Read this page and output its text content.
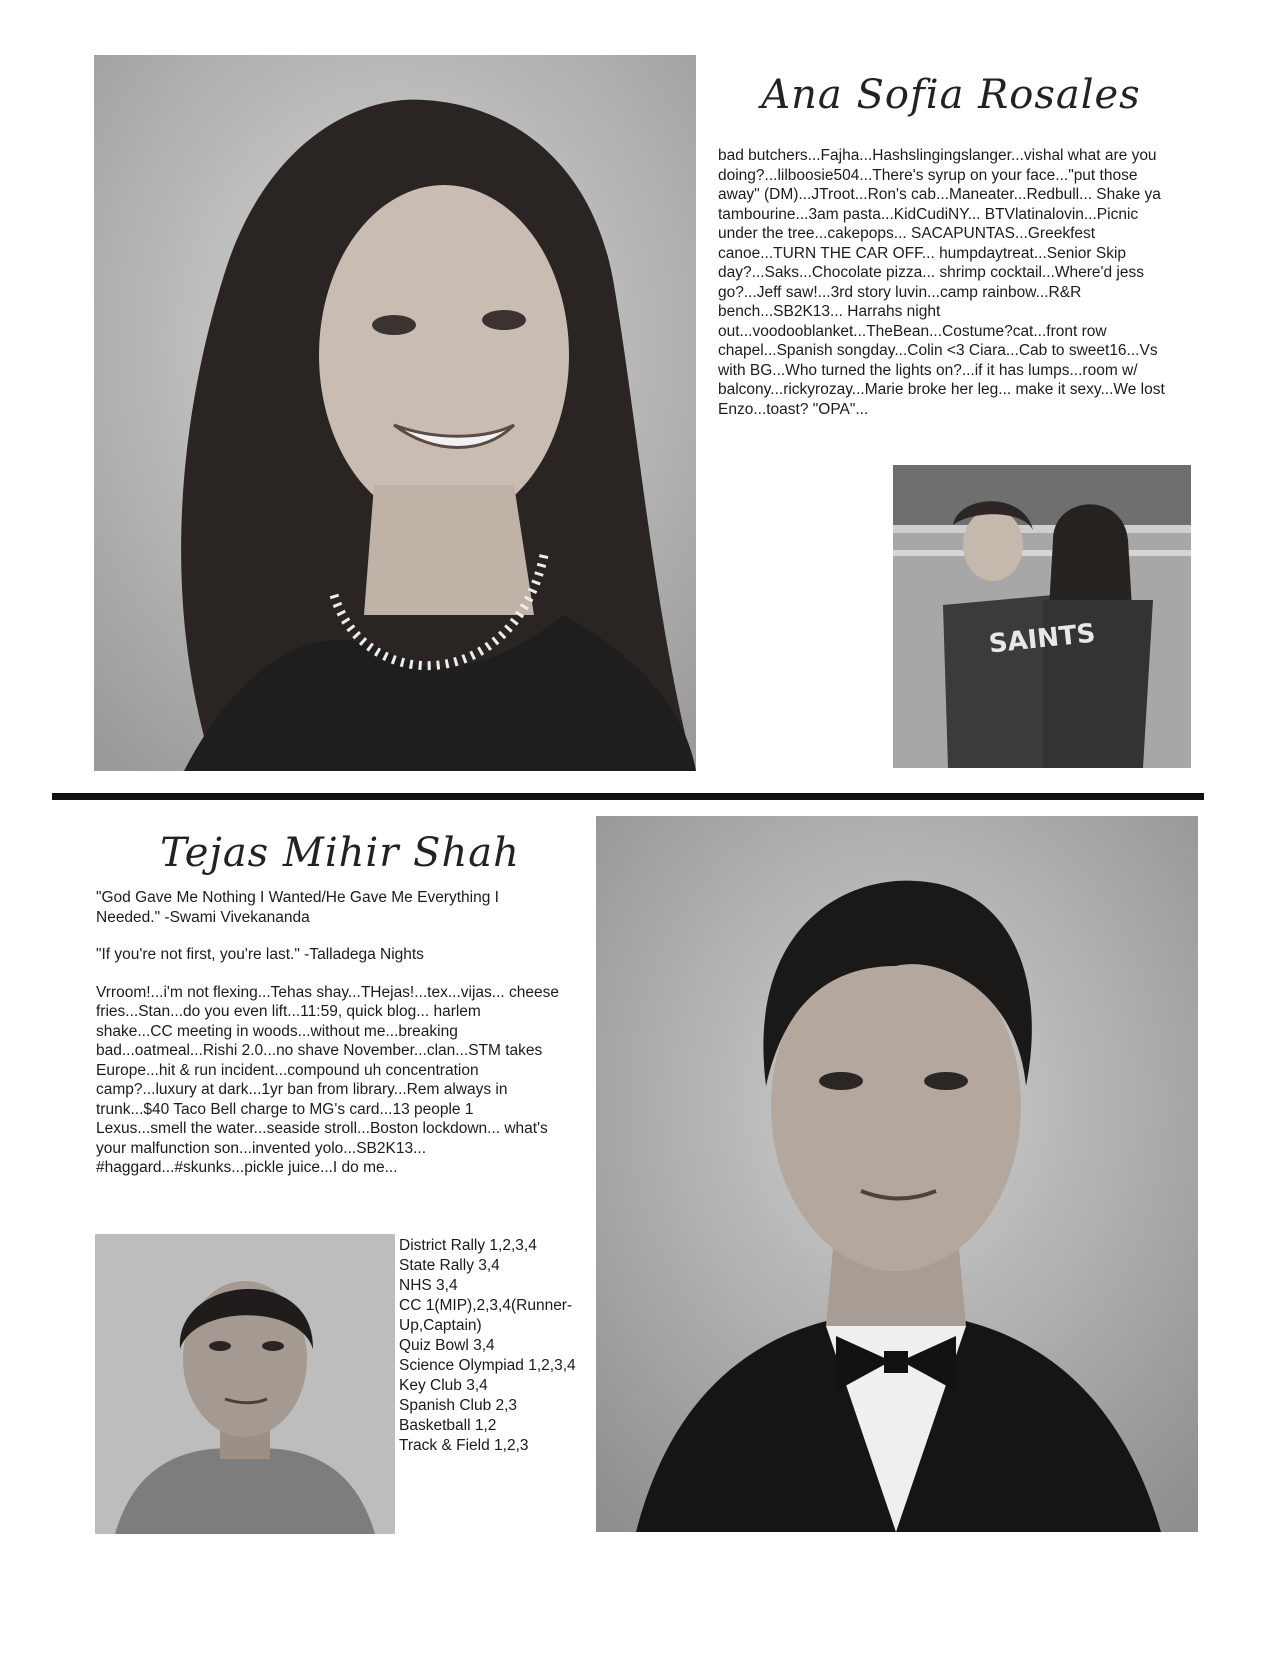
Ana Sofia Rosales

bad butchers...Fajha...Hashslingingslanger...vishal what are you doing?...lilboosie504...There's syrup on your face..."put those away" (DM)...JTroot...Ron's cab...Maneater...Redbull... Shake ya tambourine...3am pasta...KidCudiNY... BTVlatinalovin...Picnic under the tree...cakepops... SACAPUNTAS...Greekfest canoe...TURN THE CAR OFF... humpdaytreat...Senior Skip day?...Saks...Chocolate pizza... shrimp cocktail...Where'd jess go?...Jeff saw!...3rd story luvin...camp rainbow...R&R bench...SB2K13... Harrahs night out...voodooblanket...TheBean...Costume?cat...front row chapel...Spanish songday...Colin <3 Ciara...Cab to sweet16...Vs with BG...Who turned the lights on?...if it has lumps...room w/ balcony...rickyrozay...Marie broke her leg... make it sexy...We lost Enzo...toast? "OPA"...

SAINTS
Tejas Mihir Shah

"God Gave Me Nothing I Wanted/He Gave Me Everything I Needed." -Swami Vivekananda

"If you're not first, you're last." -Talladega Nights

Vrroom!...i'm not flexing...Tehas shay...THejas!...tex...vijas... cheese fries...Stan...do you even lift...11:59, quick blog... harlem shake...CC meeting in woods...without me...breaking bad...oatmeal...Rishi 2.0...no shave November...clan...STM takes Europe...hit & run incident...compound uh concentration camp?...luxury at dark...1yr ban from library...Rem always in trunk...$40 Taco Bell charge to MG's card...13 people 1 Lexus...smell the water...seaside stroll...Boston lockdown... what's your malfunction son...invented yolo...SB2K13... #haggard...#skunks...pickle juice...I do me...

District Rally 1,2,3,4
State Rally 3,4
NHS 3,4
CC 1(MIP),2,3,4(Runner-Up,Captain)
Quiz Bowl 3,4
Science Olympiad 1,2,3,4
Key Club 3,4
Spanish Club 2,3
Basketball 1,2
Track & Field 1,2,3
